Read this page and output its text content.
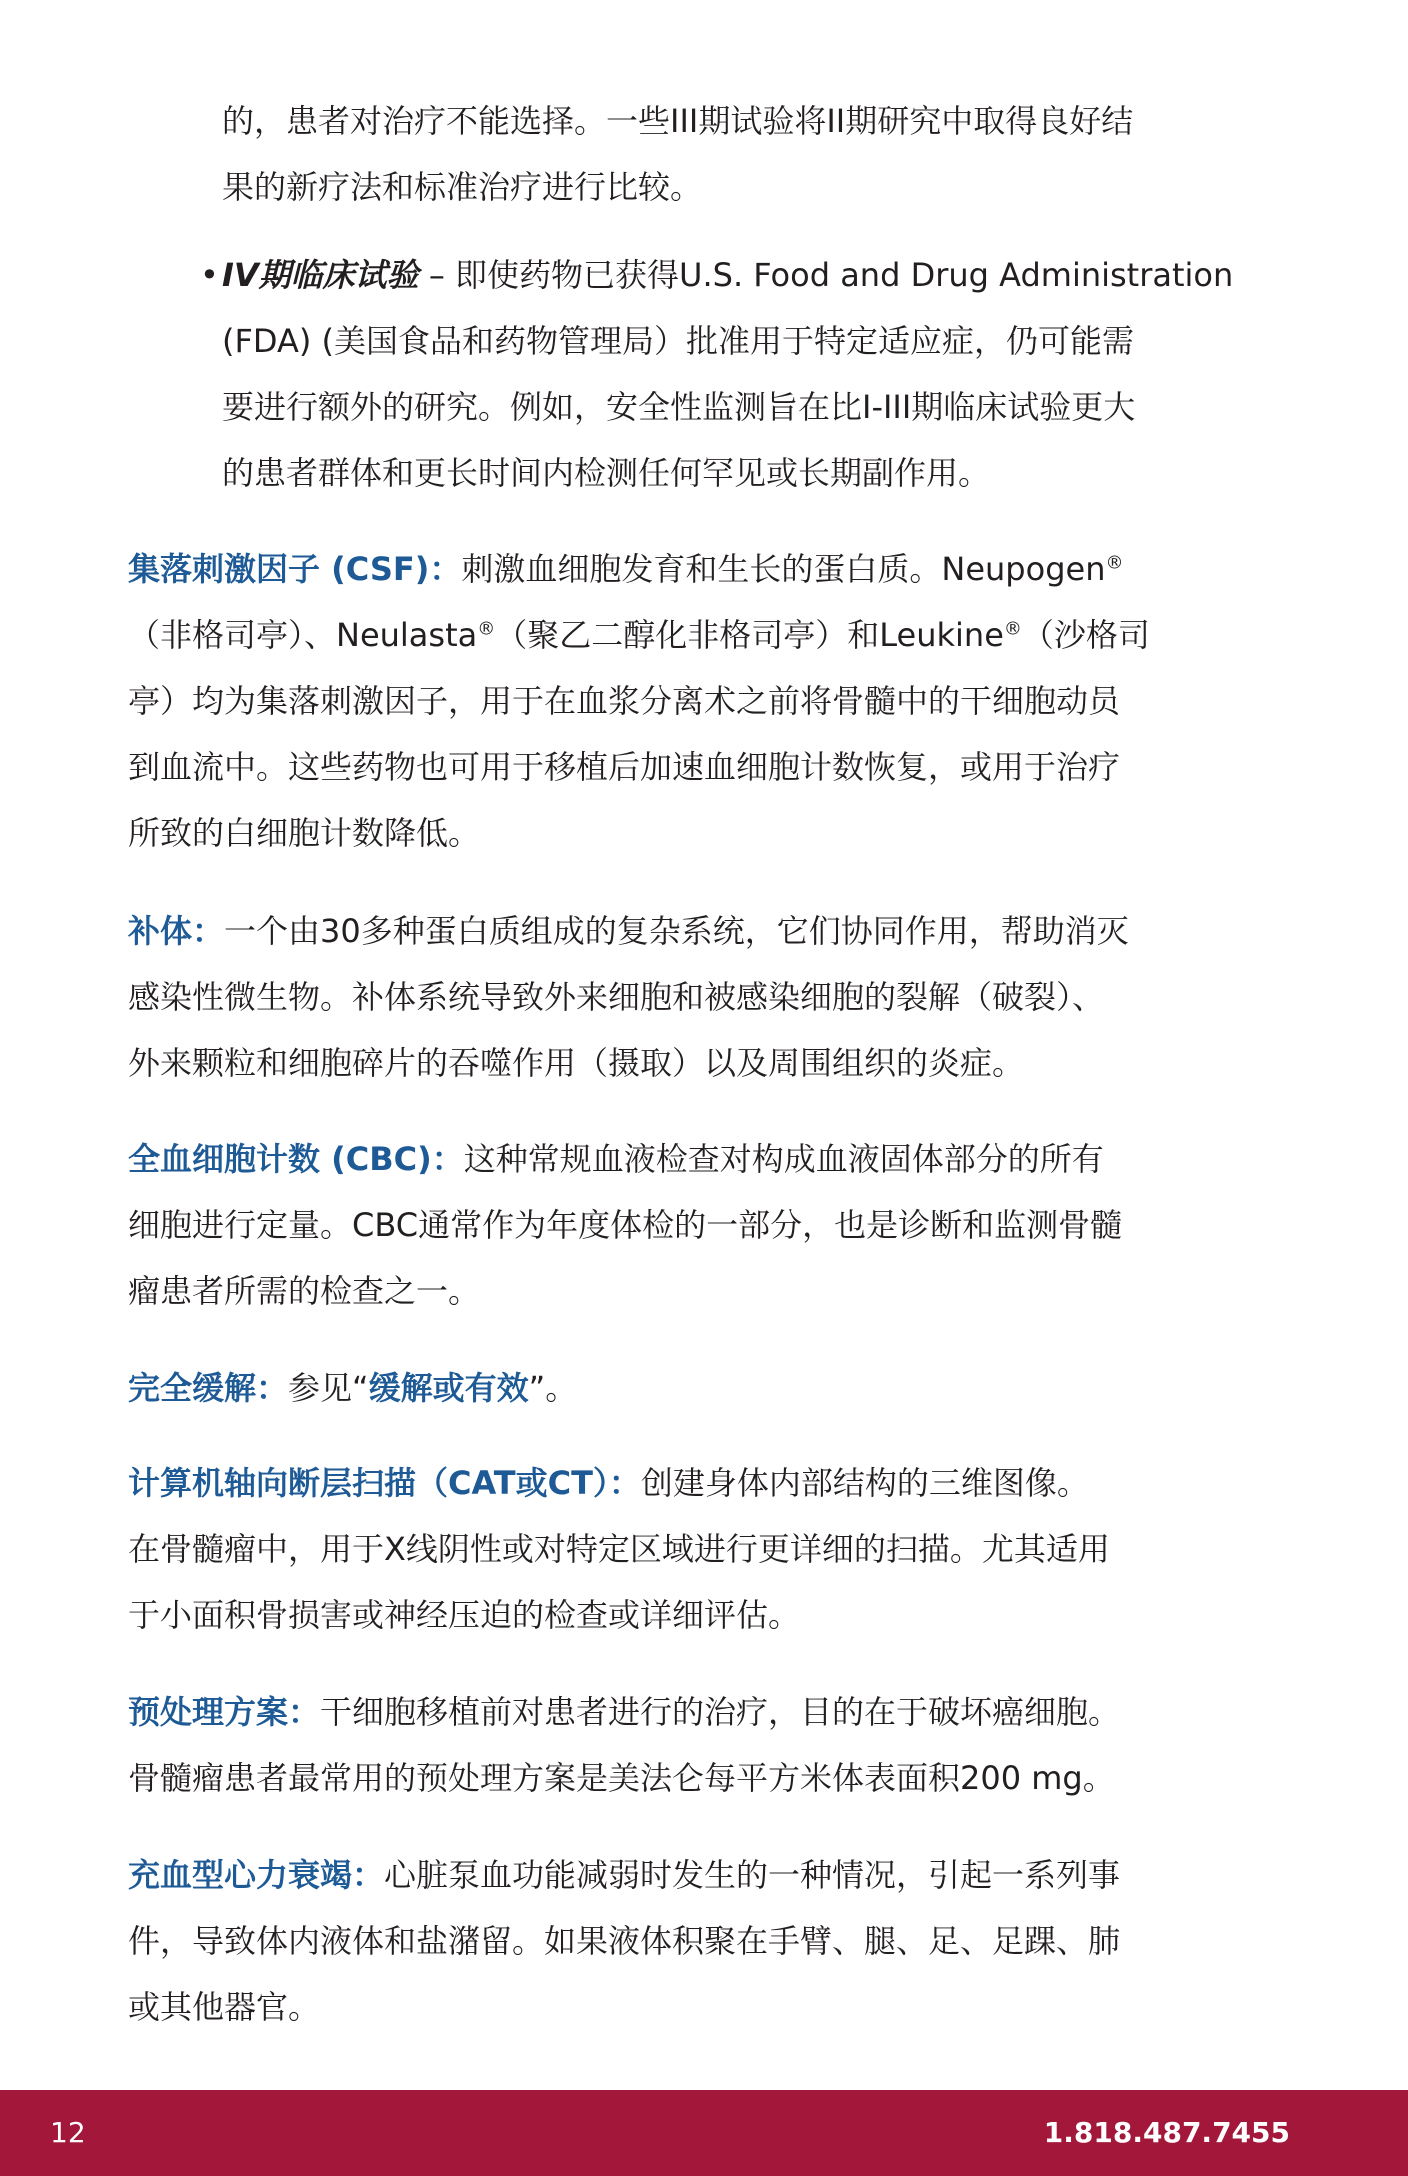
的，患者对治疗不能选择。一些III期试验将II期研究中取得良好结
果的新疗法和标准治疗进行比较。
• IV期临床试验 – 即使药物已获得U.S. Food and Drug Administration
(FDA) (美国食品和药物管理局）批准用于特定适应症，仍可能需
要进行额外的研究。例如，安全性监测旨在比I-III期临床试验更大
的患者群体和更长时间内检测任何罕见或长期副作用。
集落刺激因子 (CSF)：刺激血细胞发育和生长的蛋白质。Neupogen®
（非格司亭）、Neulasta®（聚乙二醇化非格司亭）和Leukine®（沙格司
亭）均为集落刺激因子，用于在血浆分离术之前将骨髓中的干细胞动员
到血流中。这些药物也可用于移植后加速血细胞计数恢复，或用于治疗
所致的白细胞计数降低。
补体：一个由30多种蛋白质组成的复杂系统，它们协同作用，帮助消灭
感染性微生物。补体系统导致外来细胞和被感染细胞的裂解（破裂）、
外来颗粒和细胞碎片的吞噬作用（摄取）以及周围组织的炎症。
全血细胞计数 (CBC)：这种常规血液检查对构成血液固体部分的所有
细胞进行定量。CBC通常作为年度体检的一部分，也是诊断和监测骨髓
瘤患者所需的检查之一。
完全缓解：参见“缓解或有效”。
计算机轴向断层扫描（CAT或CT）：创建身体内部结构的三维图像。
在骨髓瘤中，用于X线阴性或对特定区域进行更详细的扫描。尤其适用
于小面积骨损害或神经压迫的检查或详细评估。
预处理方案：干细胞移植前对患者进行的治疗，目的在于破坏癌细胞。
骨髓瘤患者最常用的预处理方案是美法仑每平方米体表面积200 mg。
充血型心力衰竭：心脏泵血功能减弱时发生的一种情况，引起一系列事
件，导致体内液体和盐潴留。如果液体积聚在手臂、腿、足、足踝、肺
或其他器官。
12	1.818.487.7455
